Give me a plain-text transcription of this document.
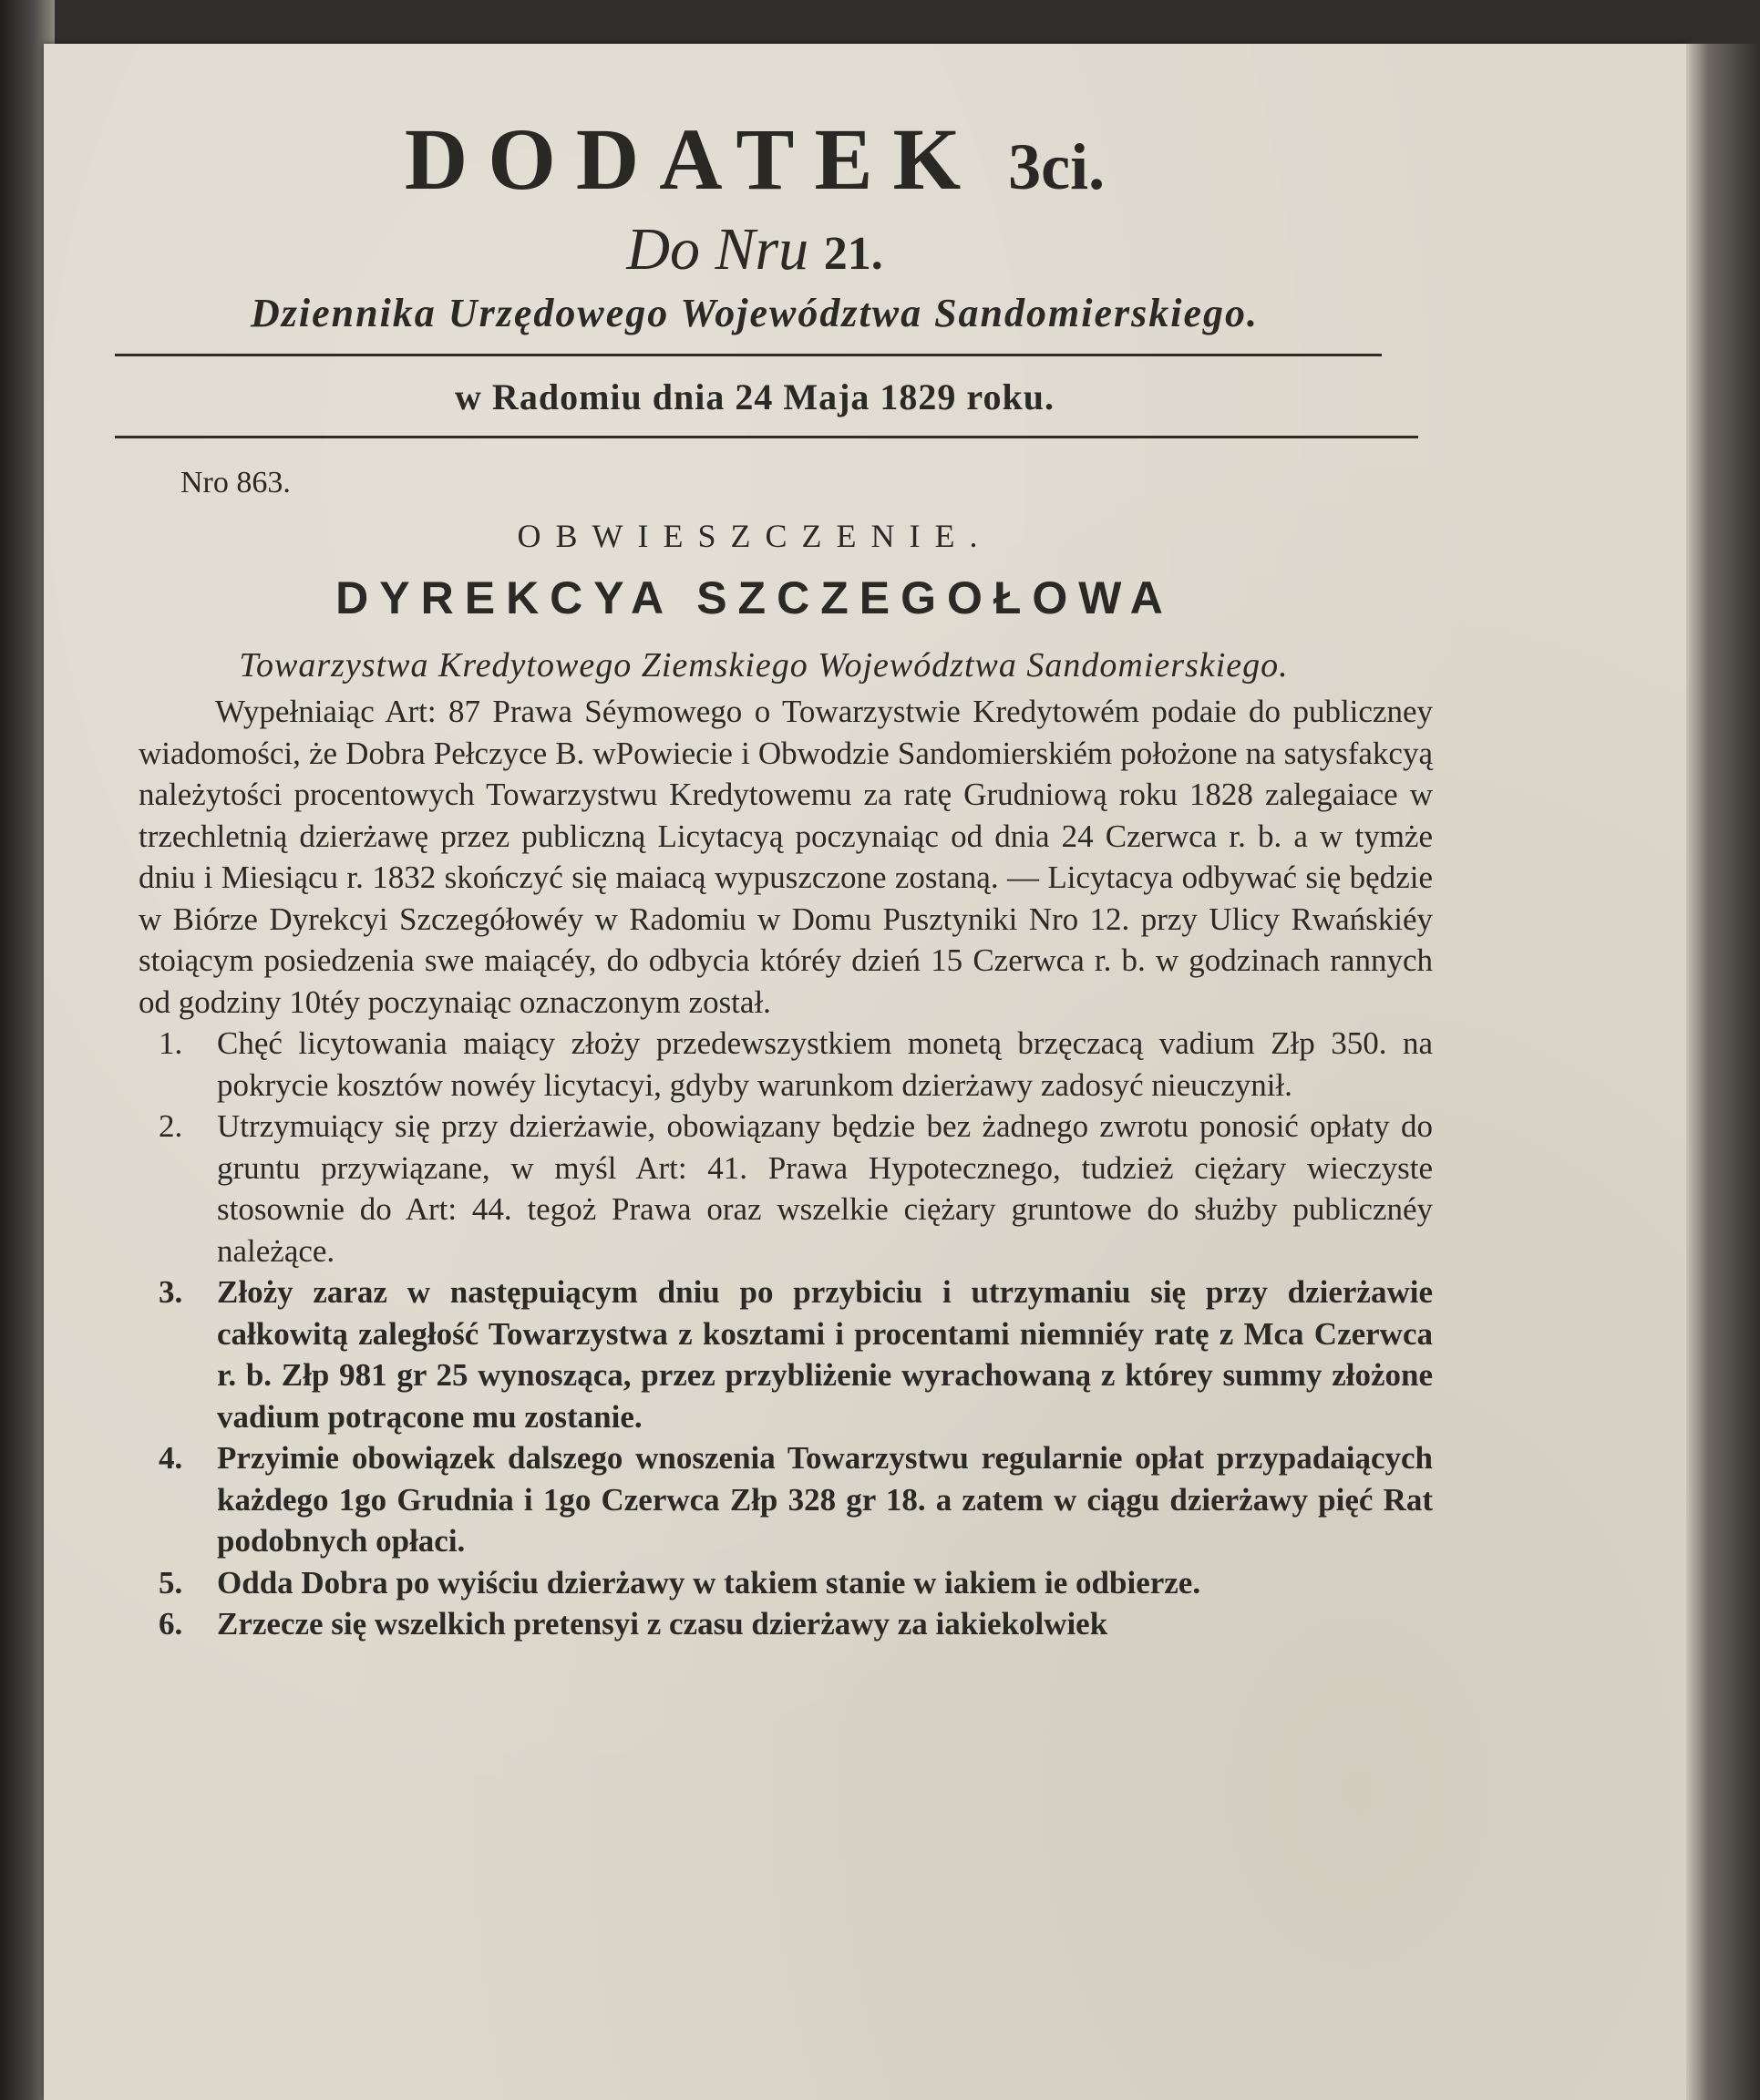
DODATEK 3ci.
Do Nru 21.
Dziennika Urzędowego Województwa Sandomierskiego.
w Radomiu dnia 24 Maja 1829 roku.
Nro 863.
OBWIESZCZENIE.
DYREKCYA SZCZEGOŁOWA
Towarzystwa Kredytowego Ziemskiego Województwa Sandomierskiego.

Wypełniaiąc Art: 87 Prawa Séymowego o Towarzystwie Kredytowém podaie do publiczney wiadomości, że Dobra Pełczyce B. wPowiecie i Obwodzie Sandomierskiém położone na satysfakcyą należytości procentowych Towarzystwu Kredytowemu za ratę Grudniową roku 1828 zalegaiace w trzechletnią dzierżawę przez publiczną Licytacyą poczynaiąc od dnia 24 Czerwca r. b. a w tymże dniu i Miesiącu r. 1832 skończyć się maiacą wypuszczone zostaną. — Licytacya odbywać się będzie w Biórze Dyrekcyi Szczegółowéy w Radomiu w Domu Pusztyniki Nro 12. przy Ulicy Rwańskiéy stoiącym posiedzenia swe maiącéy, do odbycia któréy dzień 15 Czerwca r. b. w godzinach rannych od godziny 10téy poczynaiąc oznaczonym został.

1. Chęć licytowania maiący złoży przedewszystkiem monetą brzęczacą vadium Złp 350. na pokrycie kosztów nowéy licytacyi, gdyby warunkom dzierżawy zadosyć nieuczynił.
2. Utrzymuiący się przy dzierżawie, obowiązany będzie bez żadnego zwrotu ponosić opłaty do gruntu przywiązane, w myśl Art: 41. Prawa Hypotecznego, tudzież ciężary wieczyste stosownie do Art: 44. tegoż Prawa oraz wszelkie ciężary gruntowe do służby publicznéy należące.
3. Złoży zaraz w następuiącym dniu po przybiciu i utrzymaniu się przy dzierżawie całkowitą zaległość Towarzystwa z kosztami i procentami niemniéy ratę z Mca Czerwca r. b. Złp 981 gr 25 wynosząca, przez przybliżenie wyrachowaną z którey summy złożone vadium potrącone mu zostanie.
4. Przyimie obowiązek dalszego wnoszenia Towarzystwu regularnie opłat przypadaiących każdego 1go Grudnia i 1go Czerwca Złp 328 gr 18. a zatem w ciągu dzierżawy pięć Rat podobnych opłaci.
5. Odda Dobra po wyiściu dzierżawy w takiem stanie w iakiem ie odbierze.
6. Zrzecze się wszelkich pretensyi z czasu dzierżawy za iakiekolwiek
